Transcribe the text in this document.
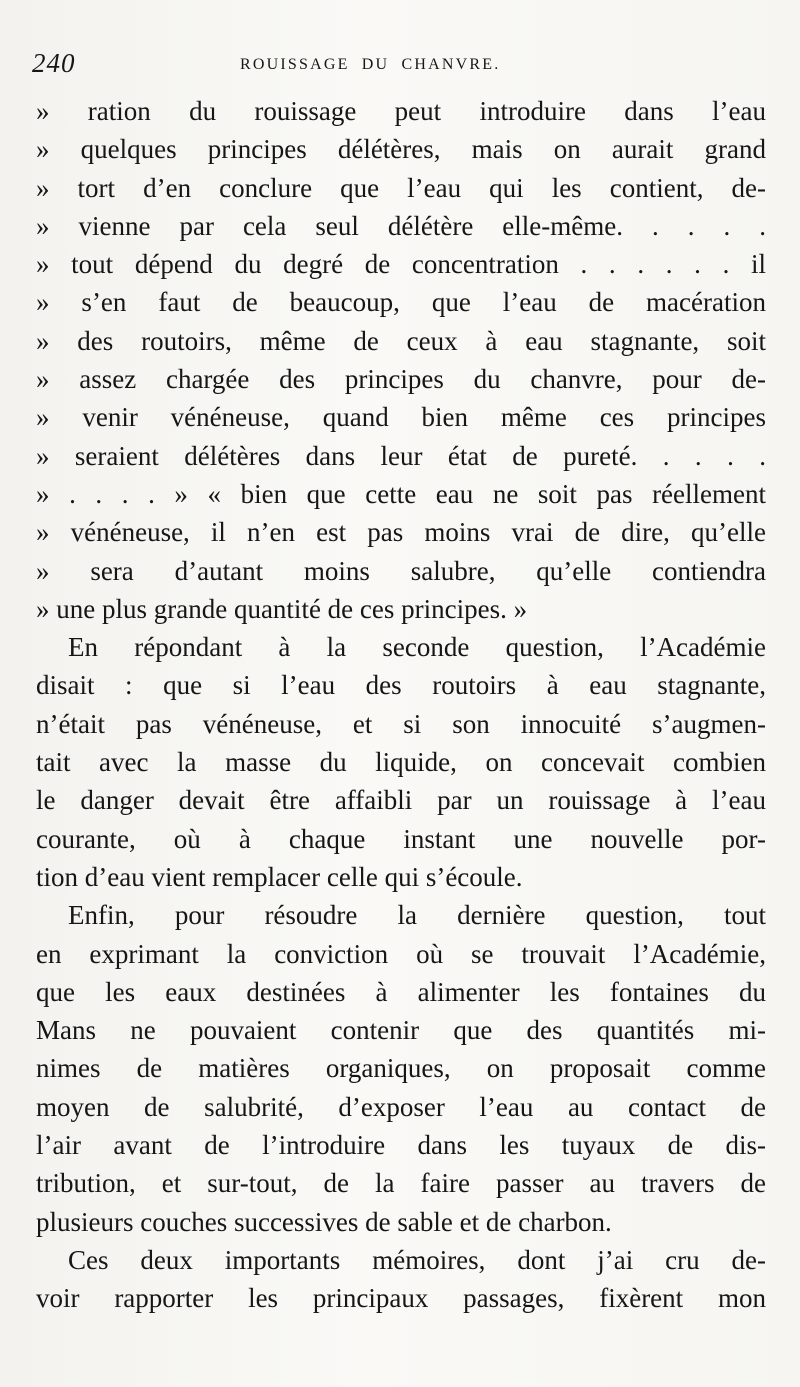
240	ROUISSAGE DU CHANVRE.
» ration du rouissage peut introduire dans l’eau
» quelques principes délétères, mais on aurait grand
» tort d’en conclure que l’eau qui les contient, de-
» vienne par cela seul délétère elle-même. . . . .
» tout dépend du degré de concentration . . . . . . il
» s’en faut de beaucoup, que l’eau de macération
» des routoirs, même de ceux à eau stagnante, soit
» assez chargée des principes du chanvre, pour de-
» venir vénéneuse, quand bien même ces principes
» seraient délétères dans leur état de pureté. . . . .
» . . . . » « bien que cette eau ne soit pas réellement
» vénéneuse, il n’en est pas moins vrai de dire, qu’elle
» sera d’autant moins salubre, qu’elle contiendra
» une plus grande quantité de ces principes. »
En répondant à la seconde question, l’Académie
disait : que si l’eau des routoirs à eau stagnante,
n’était pas vénéneuse, et si son innocuité s’augmen-
tait avec la masse du liquide, on concevait combien
le danger devait être affaibli par un rouissage à l’eau
courante, où à chaque instant une nouvelle por-
tion d’eau vient remplacer celle qui s’écoule.
Enfin, pour résoudre la dernière question, tout
en exprimant la conviction où se trouvait l’Académie,
que les eaux destinées à alimenter les fontaines du
Mans ne pouvaient contenir que des quantités mi-
nimes de matières organiques, on proposait comme
moyen de salubrité, d’exposer l’eau au contact de
l’air avant de l’introduire dans les tuyaux de dis-
tribution, et sur-tout, de la faire passer au travers de
plusieurs couches successives de sable et de charbon.
Ces deux importants mémoires, dont j’ai cru de-
voir rapporter les principaux passages, fixèrent mon
